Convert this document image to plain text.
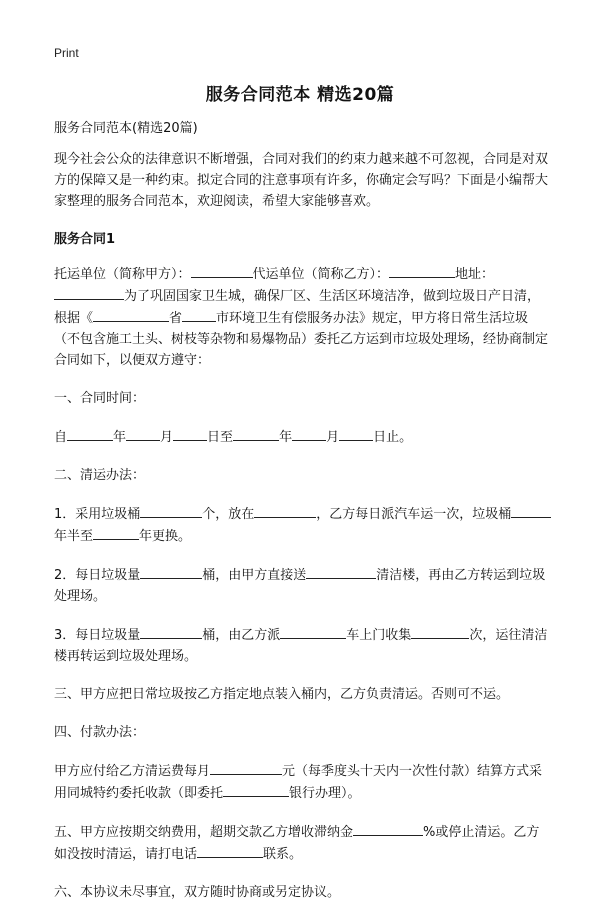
Print
服务合同范本 精选20篇

服务合同范本(精选20篇)

现今社会公众的法律意识不断增强，合同对我们的约束力越来越不可忽视，合同是对双方的保障又是一种约束。拟定合同的注意事项有许多，你确定会写吗？下面是小编帮大家整理的服务合同范本，欢迎阅读，希望大家能够喜欢。

服务合同1

托运单位（简称甲方）：	代运单位（简称乙方）：	地址：为了巩固国家卫生城，确保厂区、生活区环境洁净，做到垃圾日产日清，根据《	省	市环境卫生有偿服务办法》规定，甲方将日常生活垃圾（不包含施工土头、树枝等杂物和易爆物品）委托乙方运到市垃圾处理场，经协商制定合同如下，以便双方遵守：

一、合同时间：

自	年	月	日至	年	月	日止。

二、清运办法：

1．采用垃圾桶	个，放在	，乙方每日派汽车运一次，垃圾桶年半至	年更换。

2．每日垃圾量	桶，由甲方直接送	清洁楼，再由乙方转运到垃圾处理场。

3．每日垃圾量	桶，由乙方派	车上门收集	次，运往清洁楼再转运到垃圾处理场。

三、甲方应把日常垃圾按乙方指定地点装入桶内，乙方负责清运。否则可不运。

四、付款办法：

甲方应付给乙方清运费每月	元（每季度头十天内一次性付款）结算方式采用同城特约委托收款（即委托	银行办理）。

五、甲方应按期交纳费用，超期交款乙方增收滞纳金	%或停止清运。乙方如没按时清运，请打电话	联系。

六、本协议未尽事宜，双方随时协商或另定协议。
